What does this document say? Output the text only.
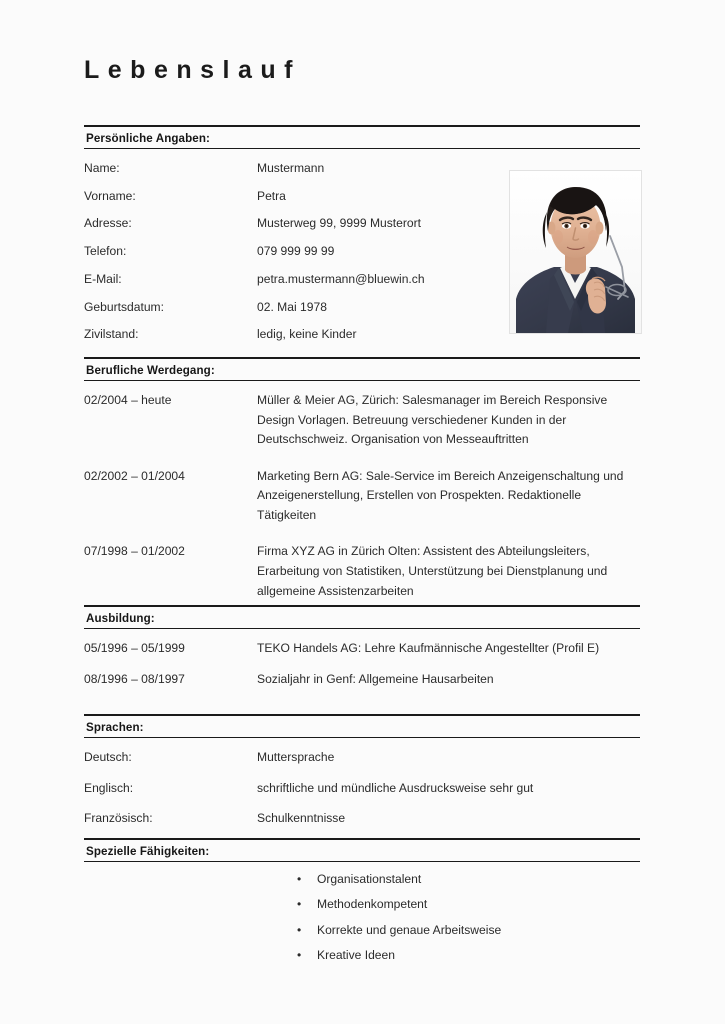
Lebenslauf
Persönliche Angaben:
Name:	Mustermann
Vorname:	Petra
Adresse:	Musterweg 99, 9999 Musterort
Telefon:	079 999 99 99
E-Mail:	petra.mustermann@bluewin.ch
Geburtsdatum:	02. Mai 1978
Zivilstand:	ledig, keine Kinder
Berufliche Werdegang:
02/2004 – heute	Müller & Meier AG, Zürich: Salesmanager im Bereich Responsive Design Vorlagen. Betreuung verschiedener Kunden in der Deutschschweiz. Organisation von Messeauftritten
02/2002 – 01/2004	Marketing Bern AG: Sale-Service im Bereich Anzeigenschaltung und Anzeigenerstellung, Erstellen von Prospekten. Redaktionelle Tätigkeiten
07/1998 – 01/2002	Firma XYZ AG in Zürich Olten: Assistent des Abteilungsleiters, Erarbeitung von Statistiken, Unterstützung bei Dienstplanung und allgemeine Assistenzarbeiten
Ausbildung:
05/1996 – 05/1999	TEKO Handels AG: Lehre Kaufmännische Angestellter (Profil E)
08/1996 – 08/1997	Sozialjahr in Genf: Allgemeine Hausarbeiten
Sprachen:
Deutsch:	Muttersprache
Englisch:	schriftliche und mündliche Ausdrucksweise sehr gut
Französisch:	Schulkenntnisse
Spezielle Fähigkeiten:
•	Organisationstalent
•	Methodenkompetent
•	Korrekte und genaue Arbeitsweise
•	Kreative Ideen
